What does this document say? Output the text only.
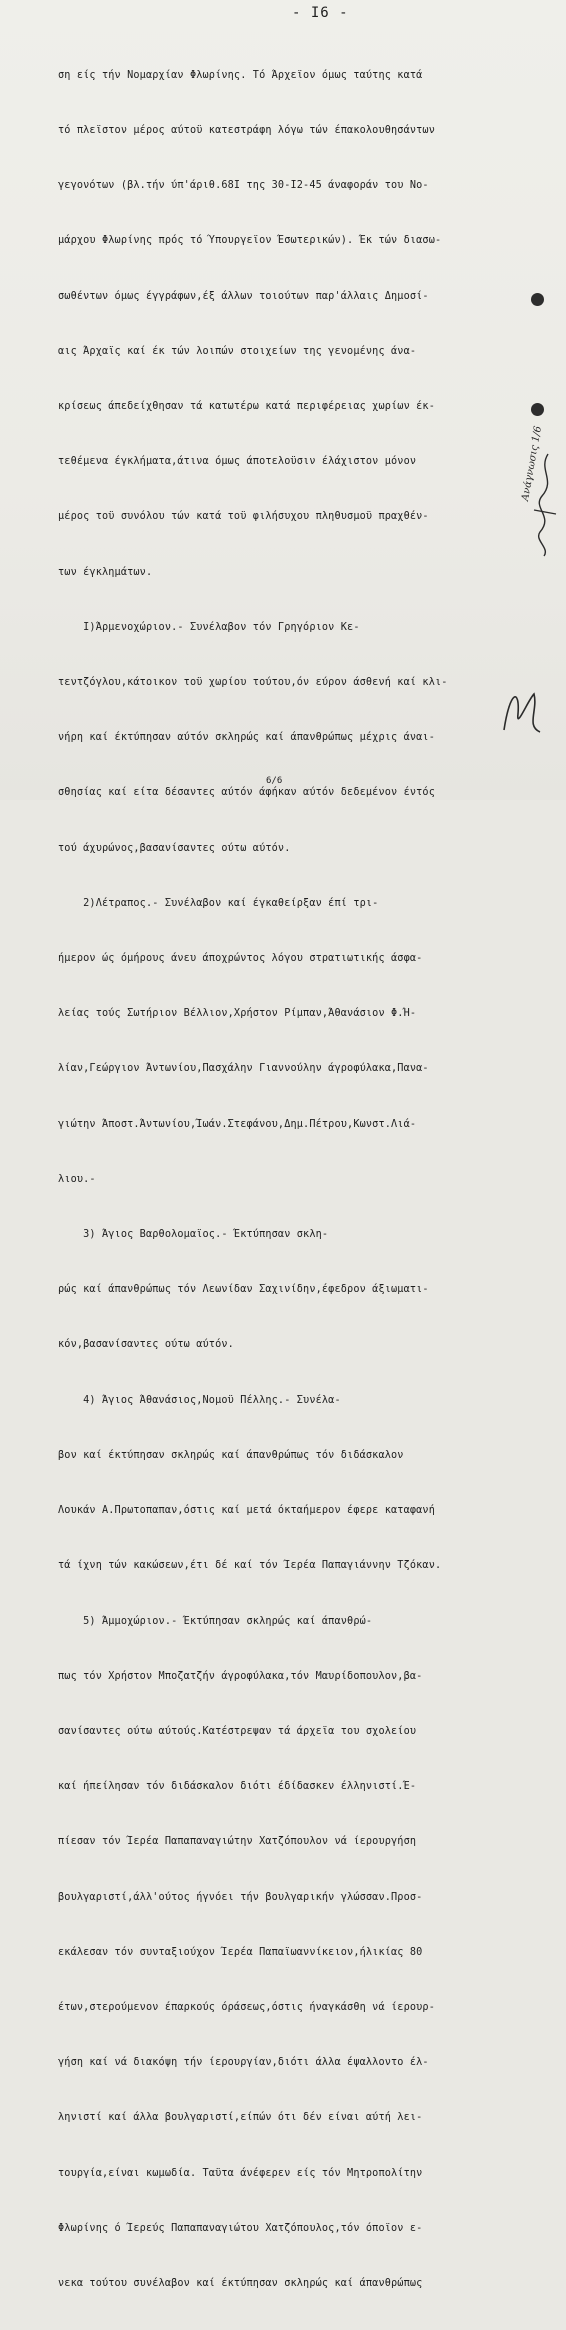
- I6 -

ση είς τήν Νομαρχίαν Φλωρίνης. Τό Άρχεϊον όμως ταύτης κατά

τό πλεϊστον μέρος αύτοϋ κατεστράφη λόγω τών έπακολουθησάντων

γεγονότων (βλ.τήν ύπ'άριθ.68I της 30-I2-45 άναφοράν του Νο-

μάρχου Φλωρίνης πρός τό Ύπουργεϊον Έσωτερικών). Έκ τών διασω-

σωθέντων όμως έγγράφων,έξ άλλων τοιούτων παρ'άλλαις Δημοσί-

αις Άρχαϊς καί έκ τών λοιπών στοιχείων της γενομένης άνα-

κρίσεως άπεδείχθησαν τά κατωτέρω κατά περιφέρειας χωρίων έκ-

τεθέμενα έγκλήματα,άτινα όμως άποτελοϋσιν έλάχιστον μόνον

μέρος τοϋ συνόλου τών κατά τοϋ φιλήσυχου πληθυσμοϋ πραχθέν-

των έγκλημάτων.

I)Άρμενοχώριον.- Συνέλαβον τόν Γρηγόριον Κε-

τεντζόγλου,κάτοικον τοϋ χωρίου τούτου,όν εύρον άσθενή καί κλι-

νήρη καί έκτύπησαν αύτόν σκληρώς καί άπανθρώπως μέχρις άναι-

σθησίας καί είτα δέσαντες αύτόν άφήκαν αύτόν δεδεμένον έντός

τού άχυρώνος,βασανίσαντες ούτω αύτόν.

2)Λέτραπος.- Συνέλαβον καί έγκαθείρξαν έπί τρι-

ήμερον ώς όμήρους άνευ άποχρώντος λόγου στρατιωτικής άσφα-

λείας τούς Σωτήριον Βέλλιον,Χρήστον Ρίμπαν,Άθανάσιον Φ.Ή-

λίαν,Γεώργιον Άντωνίου,Πασχάλην Γιαννούλην άγροφύλακα,Πανα-

γιώτην Άποστ.Άντωνίου,Ίωάν.Στεφάνου,Δημ.Πέτρου,Κωνστ.Λιά-

λιου.-

3) Άγιος Βαρθολομαϊος.- Έκτύπησαν σκλη-

ρώς καί άπανθρώπως τόν Λεωνίδαν Σαχινίδην,έφεδρον άξιωματι-

κόν,βασανίσαντες ούτω αύτόν.

4) Άγιος Άθανάσιος,Νομοϋ Πέλλης.- Συνέλα-

βον καί έκτύπησαν σκληρώς καί άπανθρώπως τόν διδάσκαλον

Λουκάν Α.Πρωτοπαπαν,όστις καί μετά όκταήμερον έφερε καταφανή

τά ίχνη τών κακώσεων,έτι δέ καί τόν Ίερέα Παπαγιάννην Τζόκαν.

5) Άμμοχώριον.- Έκτύπησαν σκληρώς καί άπανθρώ-

πως τόν Χρήστον Μποζατζήν άγροφύλακα,τόν Μαυρίδοπουλον,βα-

σανίσαντες ούτω αύτούς.Κατέστρεψαν τά άρχεϊα του σχολείου

καί ήπείλησαν τόν διδάσκαλον διότι έδίδασκεν έλληνιστί.Έ-

πίεσαν τόν Ίερέα Παπαπαναγιώτην Χατζόπουλον νά ίερουργήση

βουλγαριστί,άλλ'ούτος ήγνόει τήν βουλγαρικήν γλώσσαν.Προσ-

εκάλεσαν τόν συνταξιούχον Ίερέα Παπαϊωαννίκειον,ήλικίας 80

έτων,στερούμενον έπαρκούς όράσεως,όστις ήναγκάσθη νά ίερουρ-

γήση καί νά διακόψη τήν ίερουργίαν,διότι άλλα έψαλλοντο έλ-

ληνιστί καί άλλα βουλγαριστί,είπών ότι δέν είναι αύτή λει-

τουργία,είναι κωμωδία. Ταϋτα άνέφερεν είς τόν Μητροπολίτην

Φλωρίνης ό Ίερεύς Παπαπαναγιώτου Χατζόπουλος,τόν όποϊον ε-

νεκα τούτου συνέλαβον καί έκτύπησαν σκληρώς καί άπανθρώπως

Ανάγνωσις 1/6
6/6
